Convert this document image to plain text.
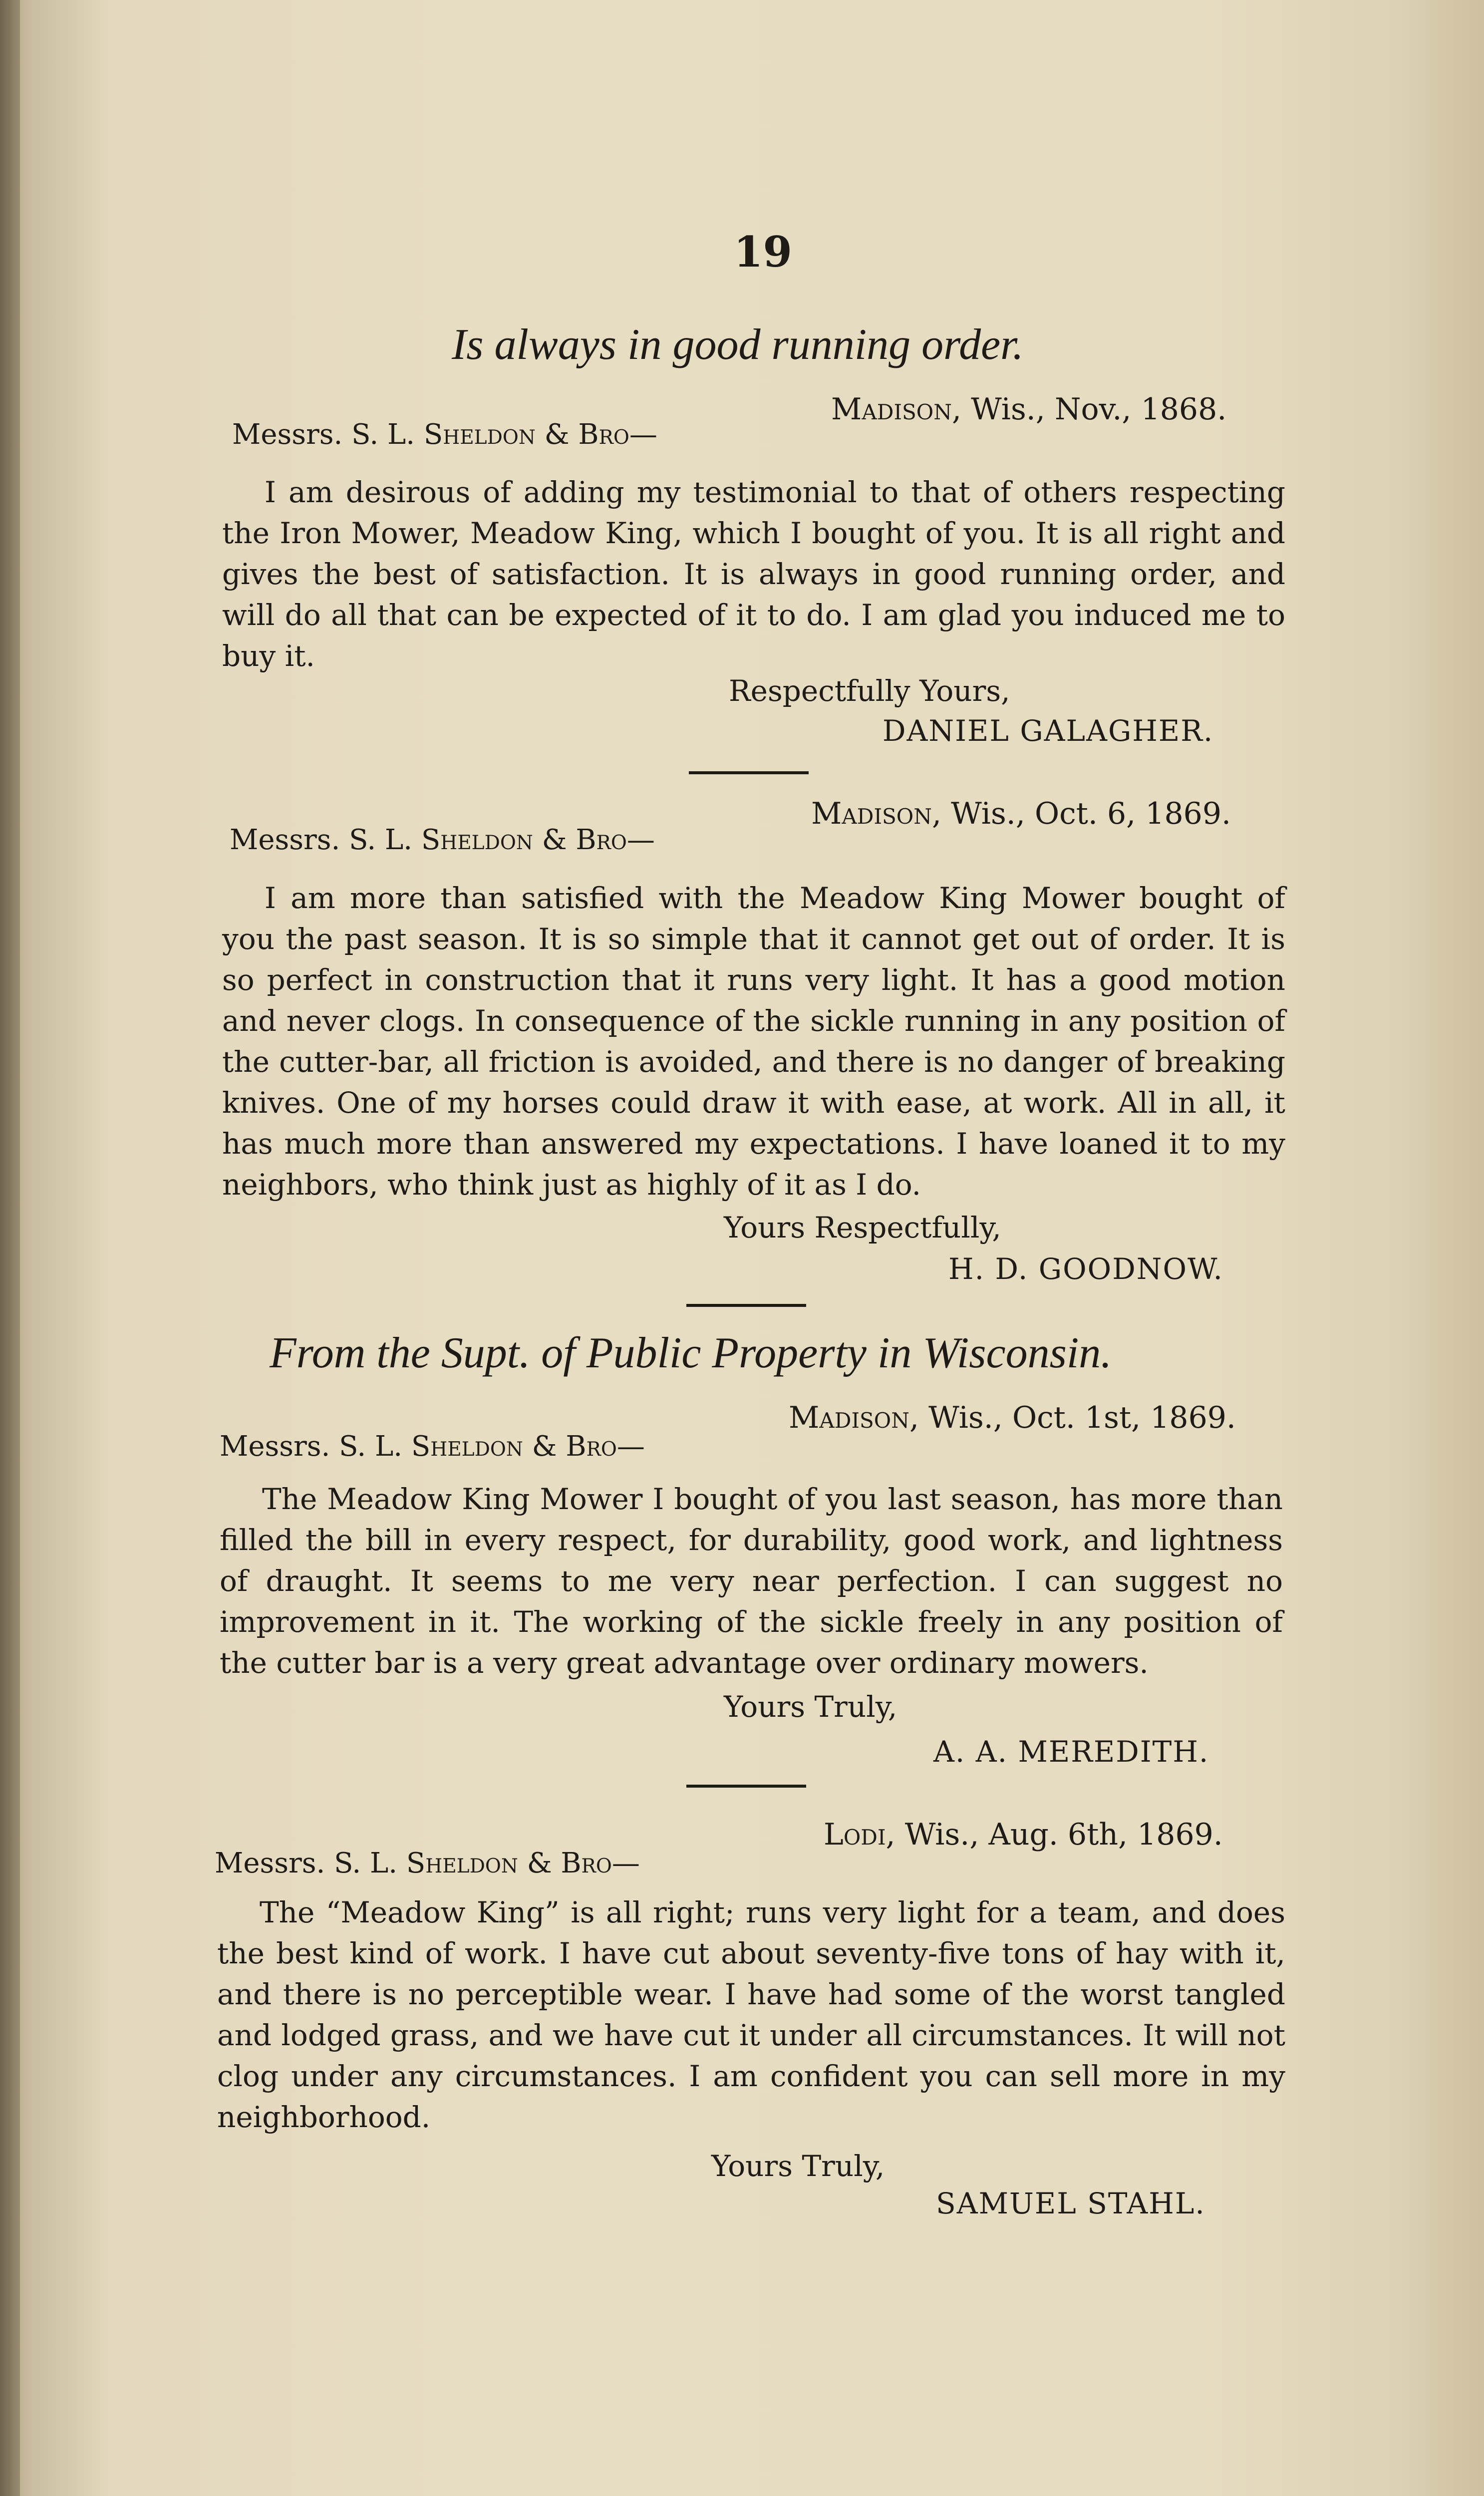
19
Is always in good running order.
Madison, Wis., Nov., 1868.
Messrs. S. L. Sheldon & Bro—
I am desirous of adding my testimonial to that of others respecting the Iron Mower, Meadow King, which I bought of you. It is all right and gives the best of satisfaction. It is always in good running order, and will do all that can be expected of it to do. I am glad you induced me to buy it.
Respectfully Yours,
DANIEL GALAGHER.
Madison, Wis., Oct. 6, 1869.
Messrs. S. L. Sheldon & Bro—
I am more than satisfied with the Meadow King Mower bought of you the past season. It is so simple that it cannot get out of order. It is so perfect in construction that it runs very light. It has a good motion and never clogs. In consequence of the sickle running in any position of the cutter-bar, all friction is avoided, and there is no danger of breaking knives. One of my horses could draw it with ease, at work. All in all, it has much more than answered my expectations. I have loaned it to my neighbors, who think just as highly of it as I do.
Yours Respectfully,
H. D. GOODNOW.
From the Supt. of Public Property in Wisconsin.
Madison, Wis., Oct. 1st, 1869.
Messrs. S. L. Sheldon & Bro—
The Meadow King Mower I bought of you last season, has more than filled the bill in every respect, for durability, good work, and lightness of draught. It seems to me very near perfection. I can suggest no improvement in it. The working of the sickle freely in any position of the cutter bar is a very great advantage over ordinary mowers.
Yours Truly,
A. A. MEREDITH.
Lodi, Wis., Aug. 6th, 1869.
Messrs. S. L. Sheldon & Bro—
The “Meadow King” is all right; runs very light for a team, and does the best kind of work. I have cut about seventy-five tons of hay with it, and there is no perceptible wear. I have had some of the worst tangled and lodged grass, and we have cut it under all circumstances. It will not clog under any circumstances. I am confident you can sell more in my neighborhood.
Yours Truly,
SAMUEL STAHL.
